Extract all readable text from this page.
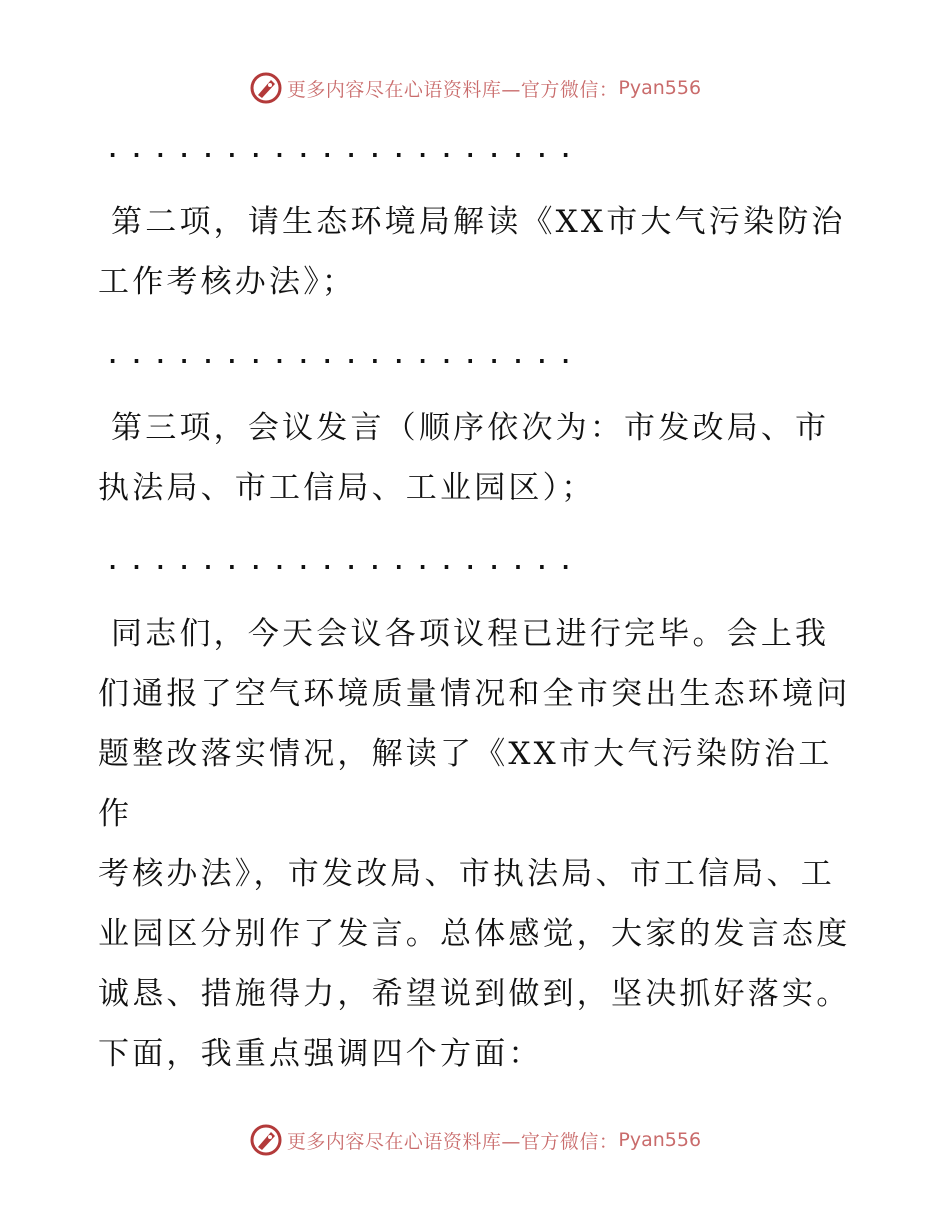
更多内容尽在心语资料库—官方微信： Pyan556
....................
第二项，请生态环境局解读《XX市大气污染防治
工作考核办法》；
....................
第三项，会议发言（顺序依次为：市发改局、市
执法局、市工信局、工业园区）；
....................
同志们，今天会议各项议程已进行完毕。会上我
们通报了空气环境质量情况和全市突出生态环境问
题整改落实情况，解读了《XX市大气污染防治工作
考核办法》，市发改局、市执法局、市工信局、工
业园区分别作了发言。总体感觉，大家的发言态度
诚恳、措施得力，希望说到做到，坚决抓好落实。
下面，我重点强调四个方面：
更多内容尽在心语资料库—官方微信： Pyan556
